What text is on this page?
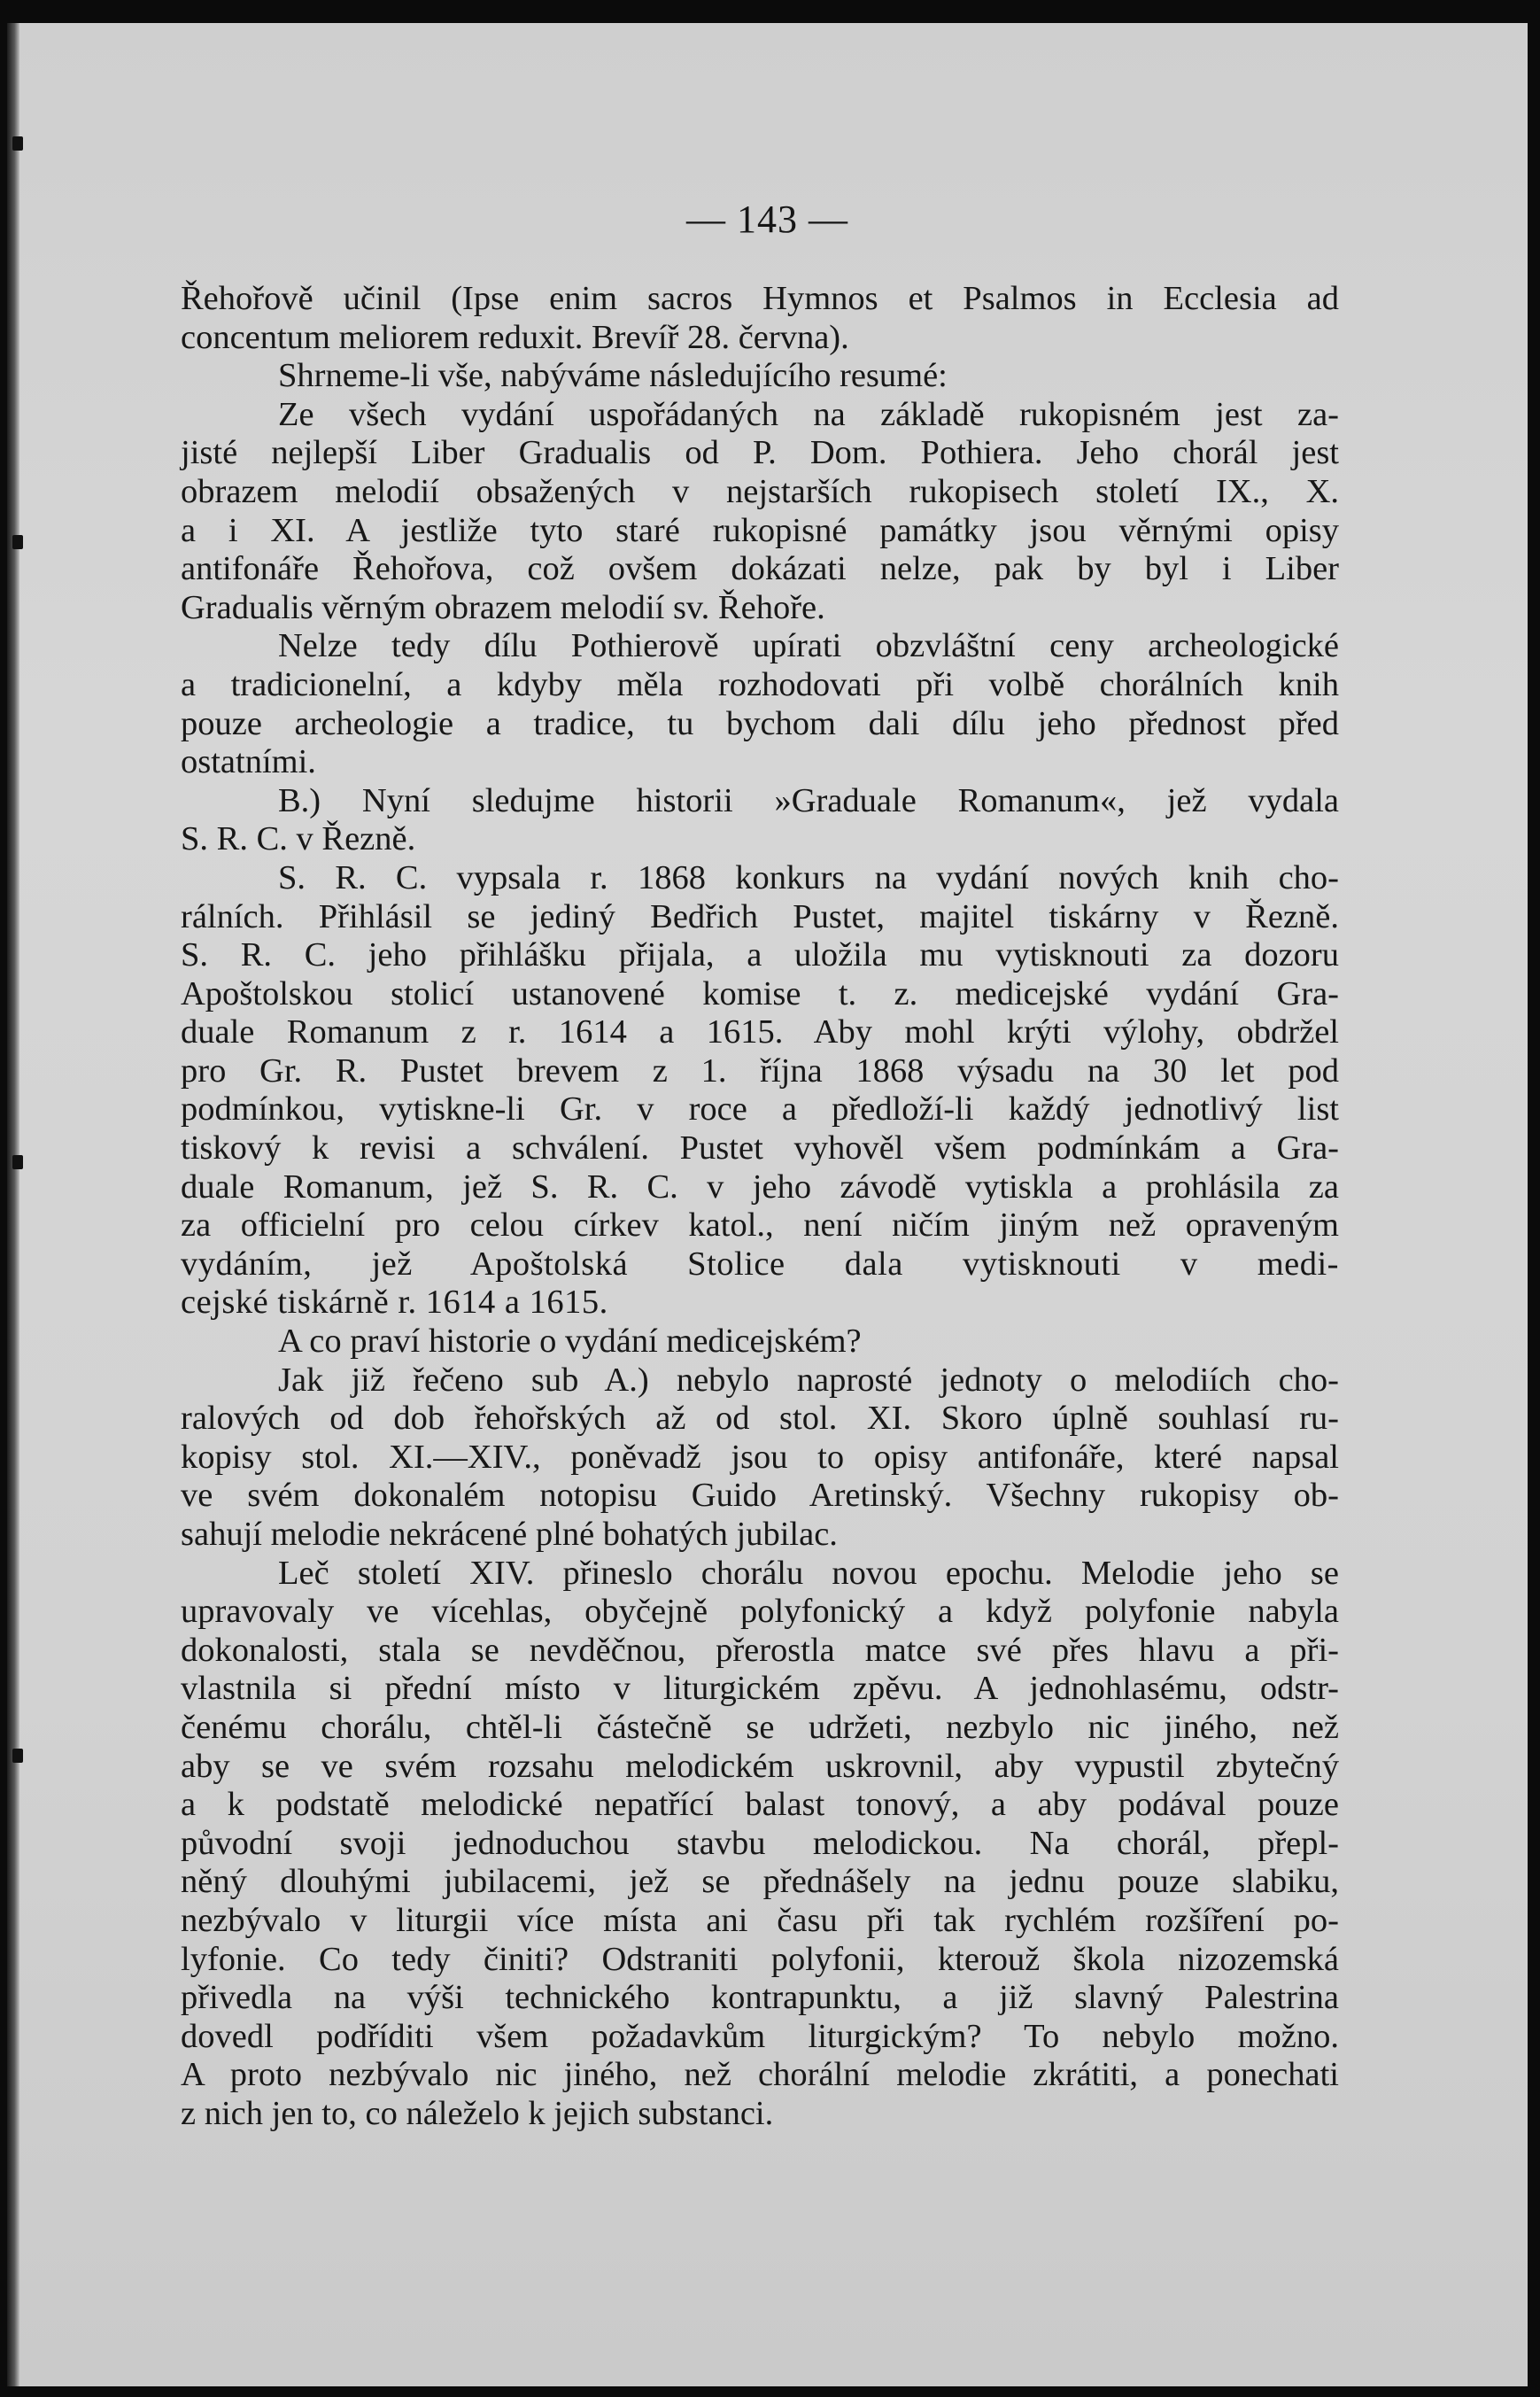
— 143 —
Řehořově učinil (Ipse enim sacros Hymnos et Psalmos in Ecclesia ad
concentum meliorem reduxit. Brevíř 28. června).
Shrneme-li vše, nabýváme následujícího resumé:
Ze všech vydání uspořádaných na základě rukopisném jest za-
jisté nejlepší Liber Gradualis od P. Dom. Pothiera. Jeho chorál jest
obrazem melodií obsažených v nejstarších rukopisech století IX., X.
a i XI. A jestliže tyto staré rukopisné památky jsou věrnými opisy
antifonáře Řehořova, což ovšem dokázati nelze, pak by byl i Liber
Gradualis věrným obrazem melodií sv. Řehoře.
Nelze tedy dílu Pothierově upírati obzvláštní ceny archeologické
a tradicionelní, a kdyby měla rozhodovati při volbě chorálních knih
pouze archeologie a tradice, tu bychom dali dílu jeho přednost před
ostatními.
B.) Nyní sledujme historii »Graduale Romanum«, jež vydala
S. R. C. v Řezně.
S. R. C. vypsala r. 1868 konkurs na vydání nových knih cho-
rálních. Přihlásil se jediný Bedřich Pustet, majitel tiskárny v Řezně.
S. R. C. jeho přihlášku přijala, a uložila mu vytisknouti za dozoru
Apoštolskou stolicí ustanovené komise t. z. medicejské vydání Gra-
duale Romanum z r. 1614 a 1615. Aby mohl krýti výlohy, obdržel
pro Gr. R. Pustet brevem z 1. října 1868 výsadu na 30 let pod
podmínkou, vytiskne-li Gr. v roce a předloží-li každý jednotlivý list
tiskový k revisi a schválení. Pustet vyhověl všem podmínkám a Gra-
duale Romanum, jež S. R. C. v jeho závodě vytiskla a prohlásila za
za officielní pro celou církev katol., není ničím jiným než opraveným
vydáním, jež Apoštolská Stolice dala vytisknouti v medi-
cejské tiskárně r. 1614 a 1615.
A co praví historie o vydání medicejském?
Jak již řečeno sub A.) nebylo naprosté jednoty o melodiích cho-
ralových od dob řehořských až od stol. XI. Skoro úplně souhlasí ru-
kopisy stol. XI.—XIV., poněvadž jsou to opisy antifonáře, které napsal
ve svém dokonalém notopisu Guido Aretinský. Všechny rukopisy ob-
sahují melodie nekrácené plné bohatých jubilac.
Leč století XIV. přineslo chorálu novou epochu. Melodie jeho se
upravovaly ve vícehlas, obyčejně polyfonický a když polyfonie nabyla
dokonalosti, stala se nevděčnou, přerostla matce své přes hlavu a při-
vlastnila si přední místo v liturgickém zpěvu. A jednohlasému, odstr-
čenému chorálu, chtěl-li částečně se udržeti, nezbylo nic jiného, než
aby se ve svém rozsahu melodickém uskrovnil, aby vypustil zbytečný
a k podstatě melodické nepatřící balast tonový, a aby podával pouze
původní svoji jednoduchou stavbu melodickou. Na chorál, přepl-
něný dlouhými jubilacemi, jež se přednášely na jednu pouze slabiku,
nezbývalo v liturgii více místa ani času při tak rychlém rozšíření po-
lyfonie. Co tedy činiti? Odstraniti polyfonii, kterouž škola nizozemská
přivedla na výši technického kontrapunktu, a již slavný Palestrina
dovedl podříditi všem požadavkům liturgickým? To nebylo možno.
A proto nezbývalo nic jiného, než chorální melodie zkrátiti, a ponechati
z nich jen to, co náleželo k jejich substanci.
